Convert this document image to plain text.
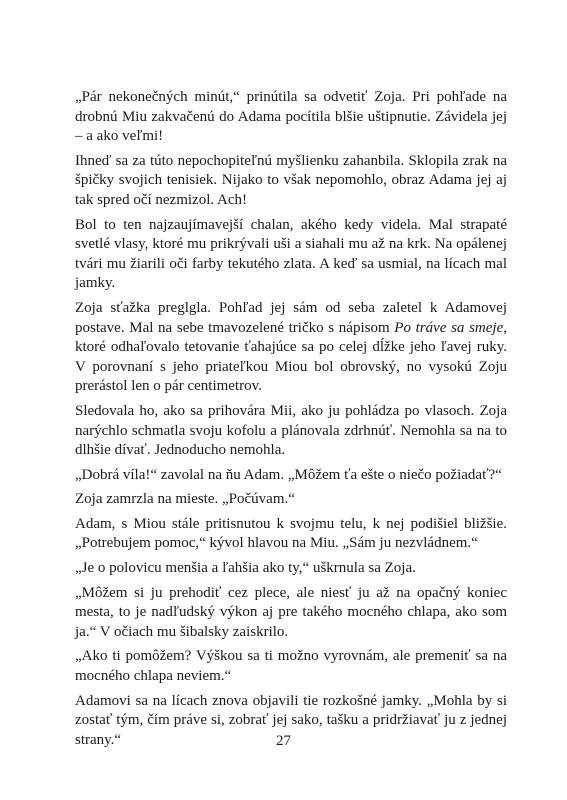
„Pár nekonečných minút,“ prinútila sa odvetiť Zoja. Pri pohľade na drobnú Miu zakvačenú do Adama pocítila blšie uštipnutie. Závidela jej – a ako veľmi!

Ihneď sa za túto nepochopiteľnú myšlienku zahanbila. Sklopila zrak na špičky svojich tenisiek. Nijako to však nepomohlo, obraz Adama jej aj tak spred očí nezmizol. Ach!

Bol to ten najzaujímavejší chalan, akého kedy videla. Mal strapaté svetlé vlasy, ktoré mu prikrývali uši a siahali mu až na krk. Na opálenej tvári mu žiarili oči farby tekutého zlata. A keď sa usmial, na lícach mal jamky.

Zoja sťažka preglgla. Pohľad jej sám od seba zaletel k Adamovej postave. Mal na sebe tmavozelené tričko s nápisom Po tráve sa smeje, ktoré odhaľovalo tetovanie ťahajúce sa po celej dĺžke jeho ľavej ruky. V porovnaní s jeho priateľkou Miou bol obrovský, no vysokú Zoju prerástol len o pár centimetrov.

Sledovala ho, ako sa prihovára Mii, ako ju pohládza po vlasoch. Zoja narýchlo schmatla svoju kofolu a plánovala zdrhnúť. Nemohla sa na to dlhšie dívať. Jednoducho nemohla.

„Dobrá víla!“ zavolal na ňu Adam. „Môžem ťa ešte o niečo požiadať?“

Zoja zamrzla na mieste. „Počúvam.“

Adam, s Miou stále pritisnutou k svojmu telu, k nej podišiel bližšie. „Potrebujem pomoc,“ kývol hlavou na Miu. „Sám ju nezvládnem.“

„Je o polovicu menšia a ľahšia ako ty,“ uškrnula sa Zoja.

„Môžem si ju prehodiť cez plece, ale niesť ju až na opačný koniec mesta, to je nadľudský výkon aj pre takého mocného chlapa, ako som ja.“ V očiach mu šibalsky zaiskrilo.

„Ako ti pomôžem? Výškou sa ti možno vyrovnám, ale premeniť sa na mocného chlapa neviem.“

Adamovi sa na lícach znova objavili tie rozkošné jamky. „Mohla by si zostať tým, čím práve si, zobrať jej sako, tašku a pridržiavať ju z jednej strany.“	27
